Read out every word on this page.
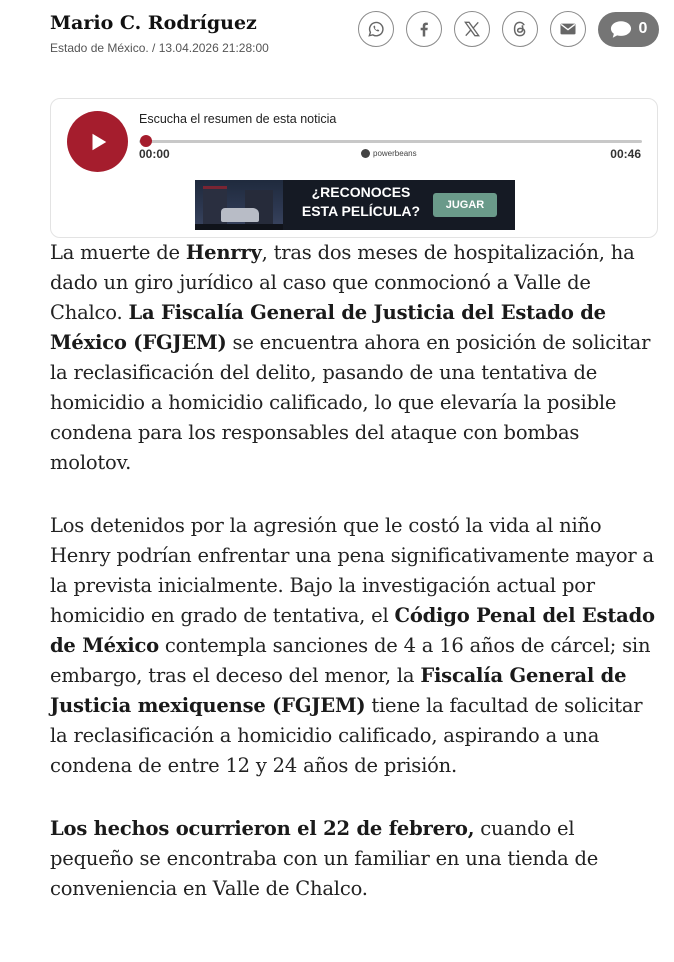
Mario C. Rodríguez
Estado de México. / 13.04.2026 21:28:00
0
Escucha el resumen de esta noticia
00:00	powerbeans	00:46
¿RECONOCES
ESTA PELÍCULA?	JUGAR

La muerte de Henrry, tras dos meses de hospitalización, ha dado un giro jurídico al caso que conmocionó a Valle de Chalco. La Fiscalía General de Justicia del Estado de México (FGJEM) se encuentra ahora en posición de solicitar la reclasificación del delito, pasando de una tentativa de homicidio a homicidio calificado, lo que elevaría la posible condena para los responsables del ataque con bombas molotov.

Los detenidos por la agresión que le costó la vida al niño Henry podrían enfrentar una pena significativamente mayor a la prevista inicialmente. Bajo la investigación actual por homicidio en grado de tentativa, el Código Penal del Estado de México contempla sanciones de 4 a 16 años de cárcel; sin embargo, tras el deceso del menor, la Fiscalía General de Justicia mexiquense (FGJEM) tiene la facultad de solicitar la reclasificación a homicidio calificado, aspirando a una condena de entre 12 y 24 años de prisión.

Los hechos ocurrieron el 22 de febrero, cuando el pequeño se encontraba con un familiar en una tienda de conveniencia en Valle de Chalco.
